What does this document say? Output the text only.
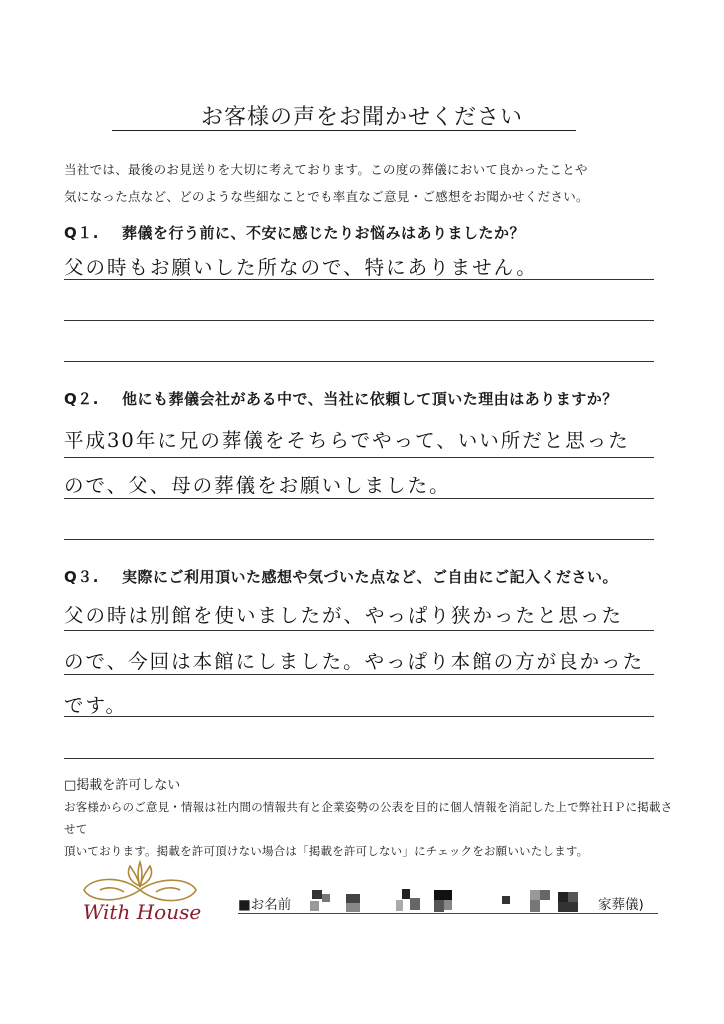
お客様の声をお聞かせください
当社では、最後のお見送りを大切に考えております。この度の葬儀において良かったことや
気になった点など、どのような些細なことでも率直なご意見・ご感想をお聞かせください。
Q１. 葬儀を行う前に、不安に感じたりお悩みはありましたか？
父の時もお願いした所なので、特にありません。
Q２. 他にも葬儀会社がある中で、当社に依頼して頂いた理由はありますか？
平成30年に兄の葬儀をそちらでやって、いい所だと思った
ので、父、母の葬儀をお願いしました。
Q３. 実際にご利用頂いた感想や気づいた点など、ご自由にご記入ください。
父の時は別館を使いましたが、やっぱり狭かったと思った
ので、今回は本館にしました。やっぱり本館の方が良かった
です。
□掲載を許可しない
お客様からのご意見・情報は社内間の情報共有と企業姿勢の公表を目的に個人情報を消記した上で弊社ＨＰに掲載させて
頂いております。掲載を許可頂けない場合は「掲載を許可しない」にチェックをお願いいたします。
With House	■お名前	家葬儀)
